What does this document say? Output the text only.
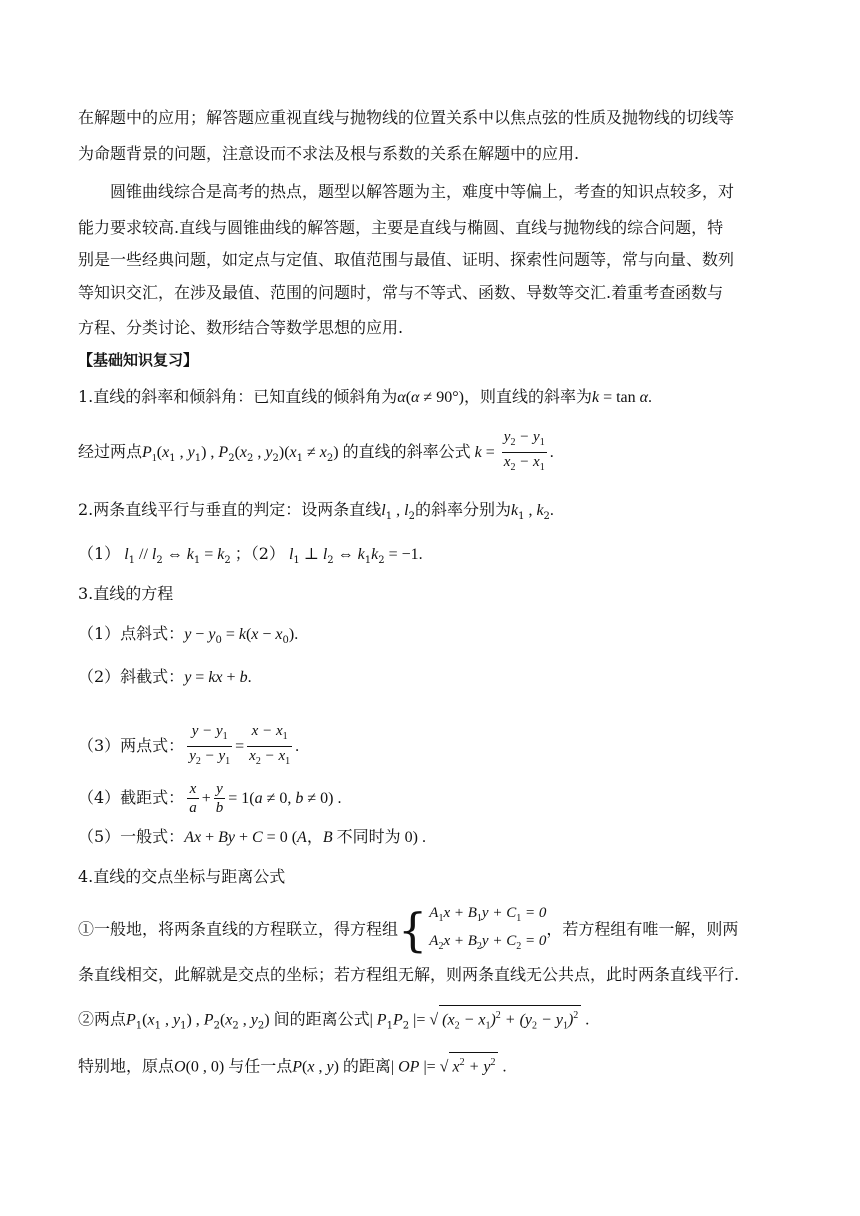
在解题中的应用；解答题应重视直线与抛物线的位置关系中以焦点弦的性质及抛物线的切线等
为命题背景的问题，注意设而不求法及根与系数的关系在解题中的应用.
圆锥曲线综合是高考的热点，题型以解答题为主，难度中等偏上，考查的知识点较多，对
能力要求较高.直线与圆锥曲线的解答题，主要是直线与椭圆、直线与抛物线的综合问题，特
别是一些经典问题，如定点与定值、取值范围与最值、证明、探索性问题等，常与向量、数列
等知识交汇，在涉及最值、范围的问题时，常与不等式、函数、导数等交汇.着重考查函数与
方程、分类讨论、数形结合等数学思想的应用.
【基础知识复习】
1.直线的斜率和倾斜角：已知直线的倾斜角为α(α ≠ 90°)，则直线的斜率为k = tan α.
经过两点$P_1(x_1$ , $y_1$) , $P_2(x_2$ , $y_2)(x_1 \ne x_2)$ 的直线的斜率公式 $k = \frac{y_2 - y_1}{x_2 - x_1}$ .
2.两条直线平行与垂直的判定：设两条直线$l_1$ , $l_2$的斜率分别为$k_1$ , $k_2$.
（1） $l_1 // l_2$ ⇔ $k_1 = k_2$ ；（2） $l_1$ ⊥ $l_2$ ⇔ $k_1k_2 = -1$.
3.直线的方程
（1）点斜式：$y - y_0 = k(x - x_0)$.
（2）斜截式：y = kx + b.
（3）两点式： $\frac{y - y_1}{y_2 - y_1} = \frac{x - x_1}{x_2 - x_1}$ .
（4）截距式： $\frac{x}{a} + \frac{y}{b} = 1(a \ne 0$, b ≠ 0) .
（5）一般式：Ax + By + C = 0 (A，B 不同时为 0) .
4.直线的交点坐标与距离公式
①一般地，将两条直线的方程联立，得方程组{ $A_1x + B_1y + C_1 = 0$
$A_2x + B_2y + C_2 = 0$，若方程组有唯一解，则两
条直线相交，此解就是交点的坐标；若方程组无解，则两条直线无公共点，此时两条直线平行.
②两点$P_1(x_1$ , $y_1$) , $P_2(x_2$ , $y_2$) 间的距离公式| $P_1P_2$ |= √ $(x_2 - x_1)^2 + (y_2 - y_1)^2$ .
特别地，原点O(0 , 0) 与任一点P(x , y) 的距离| OP |= √ $x^2 + y^2$ .
